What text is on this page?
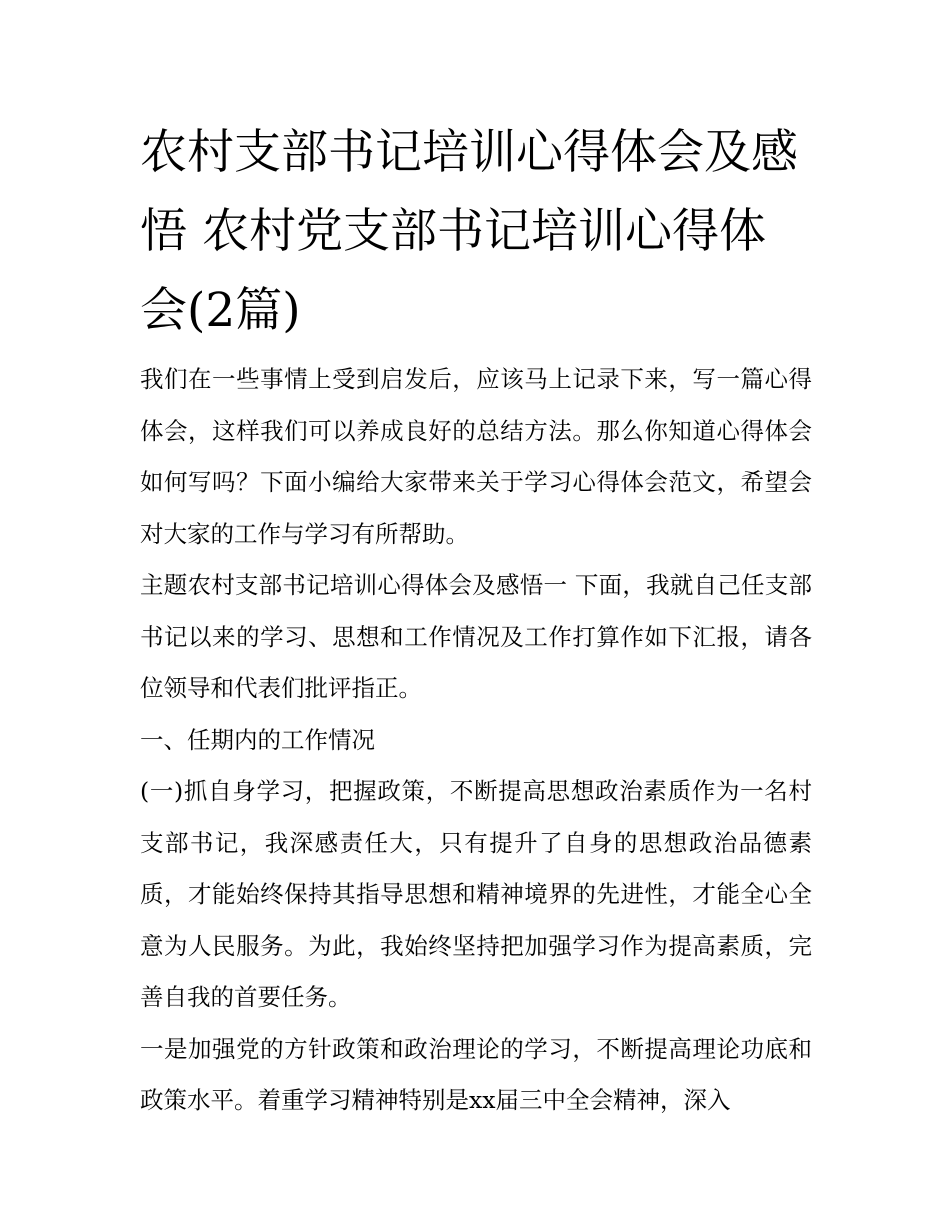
农村支部书记培训心得体会及感悟 农村党支部书记培训心得体会(2篇)

我们在一些事情上受到启发后，应该马上记录下来，写一篇心得体会，这样我们可以养成良好的总结方法。那么你知道心得体会如何写吗？下面小编给大家带来关于学习心得体会范文，希望会对大家的工作与学习有所帮助。

主题农村支部书记培训心得体会及感悟一 下面，我就自己任支部书记以来的学习、思想和工作情况及工作打算作如下汇报，请各位领导和代表们批评指正。

一、任期内的工作情况

(一)抓自身学习，把握政策，不断提高思想政治素质作为一名村支部书记，我深感责任大，只有提升了自身的思想政治品德素质，才能始终保持其指导思想和精神境界的先进性，才能全心全意为人民服务。为此，我始终坚持把加强学习作为提高素质，完善自我的首要任务。

一是加强党的方针政策和政治理论的学习，不断提高理论功底和政策水平。着重学习精神特别是xx届三中全会精神，深入
